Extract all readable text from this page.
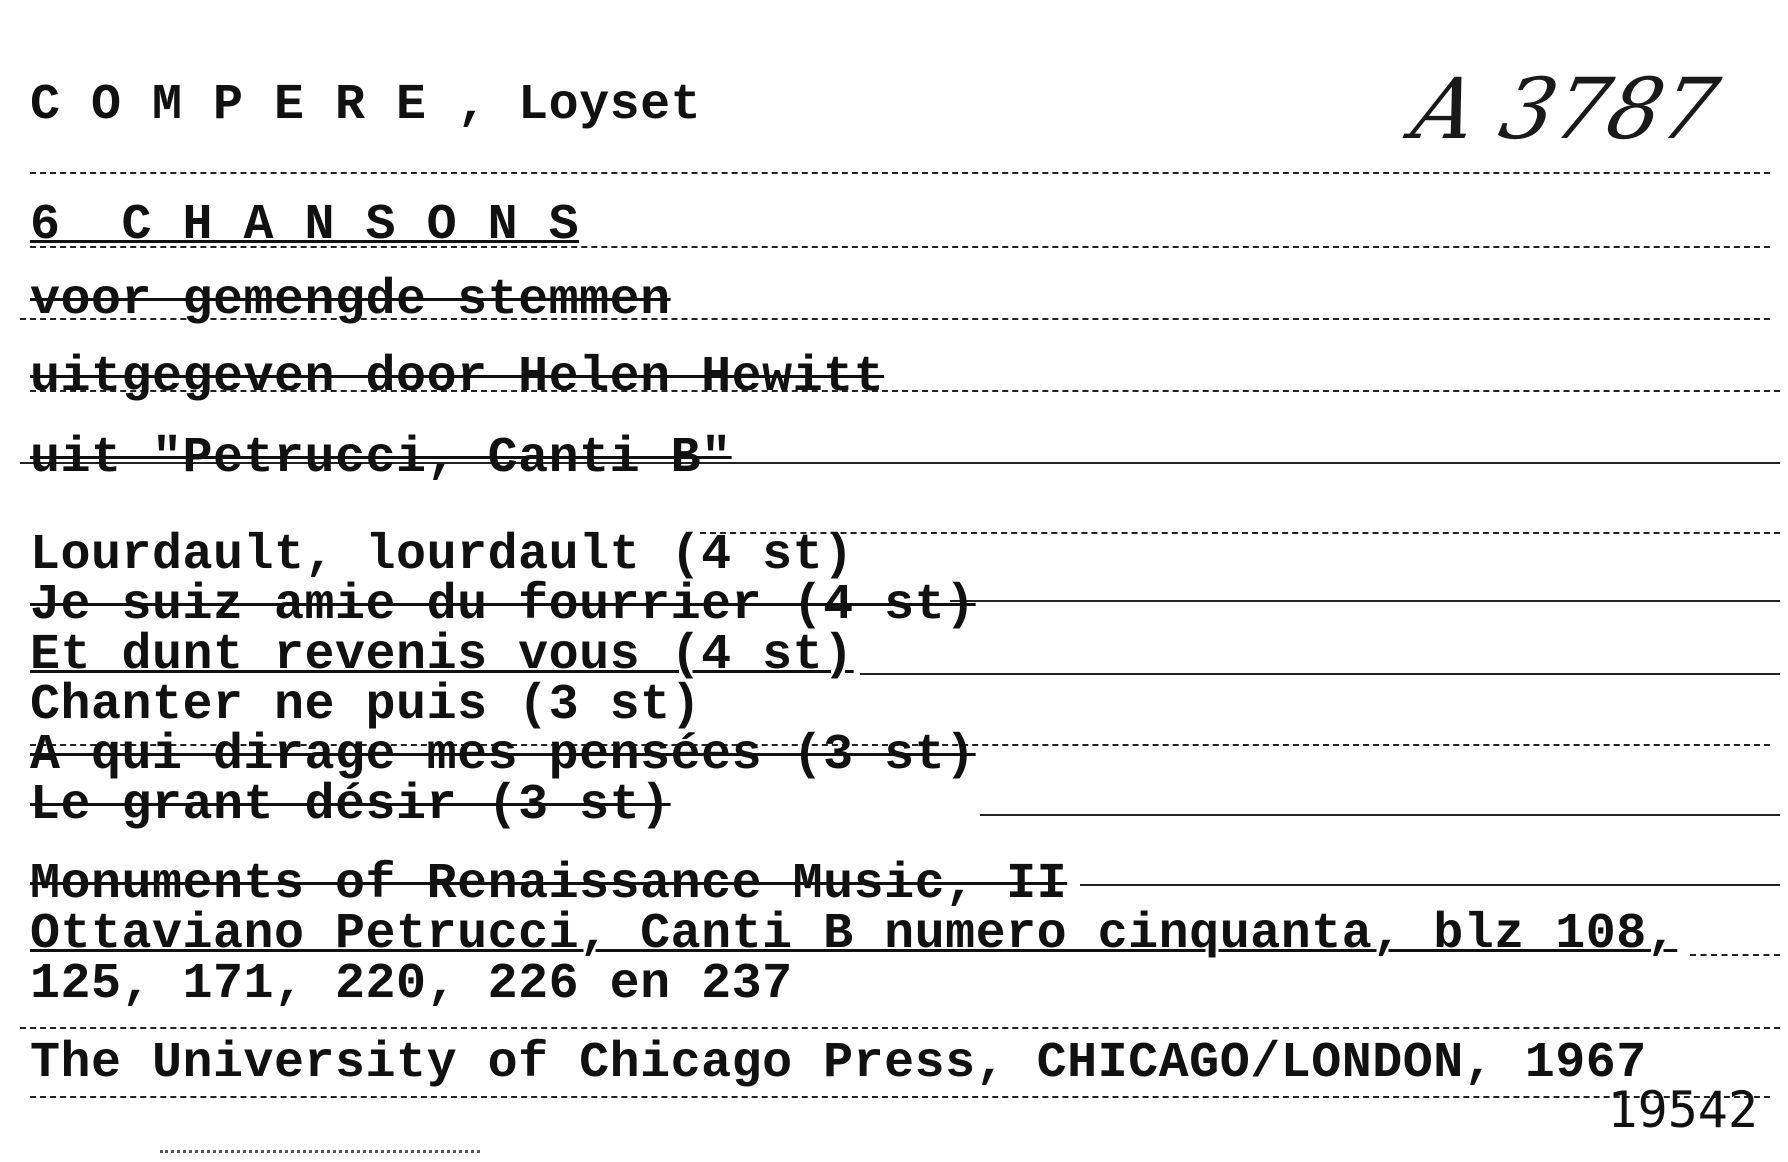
C O M P E R E , Loyset	A 3787
6  C H A N S O N S
voor gemengde stemmen
uitgegeven door Helen Hewitt
uit "Petrucci, Canti B"
Lourdault, lourdault (4 st)
Je suiz amie du fourrier (4 st)
Et dunt revenis vous (4 st)
Chanter ne puis (3 st)
A qui dirage mes pensées (3 st)
Le grant désir (3 st)
Monuments of Renaissance Music, II
Ottaviano Petrucci, Canti B numero cinquanta, blz 108,
125, 171, 220, 226 en 237
The University of Chicago Press, CHICAGO/LONDON, 1967
19542
